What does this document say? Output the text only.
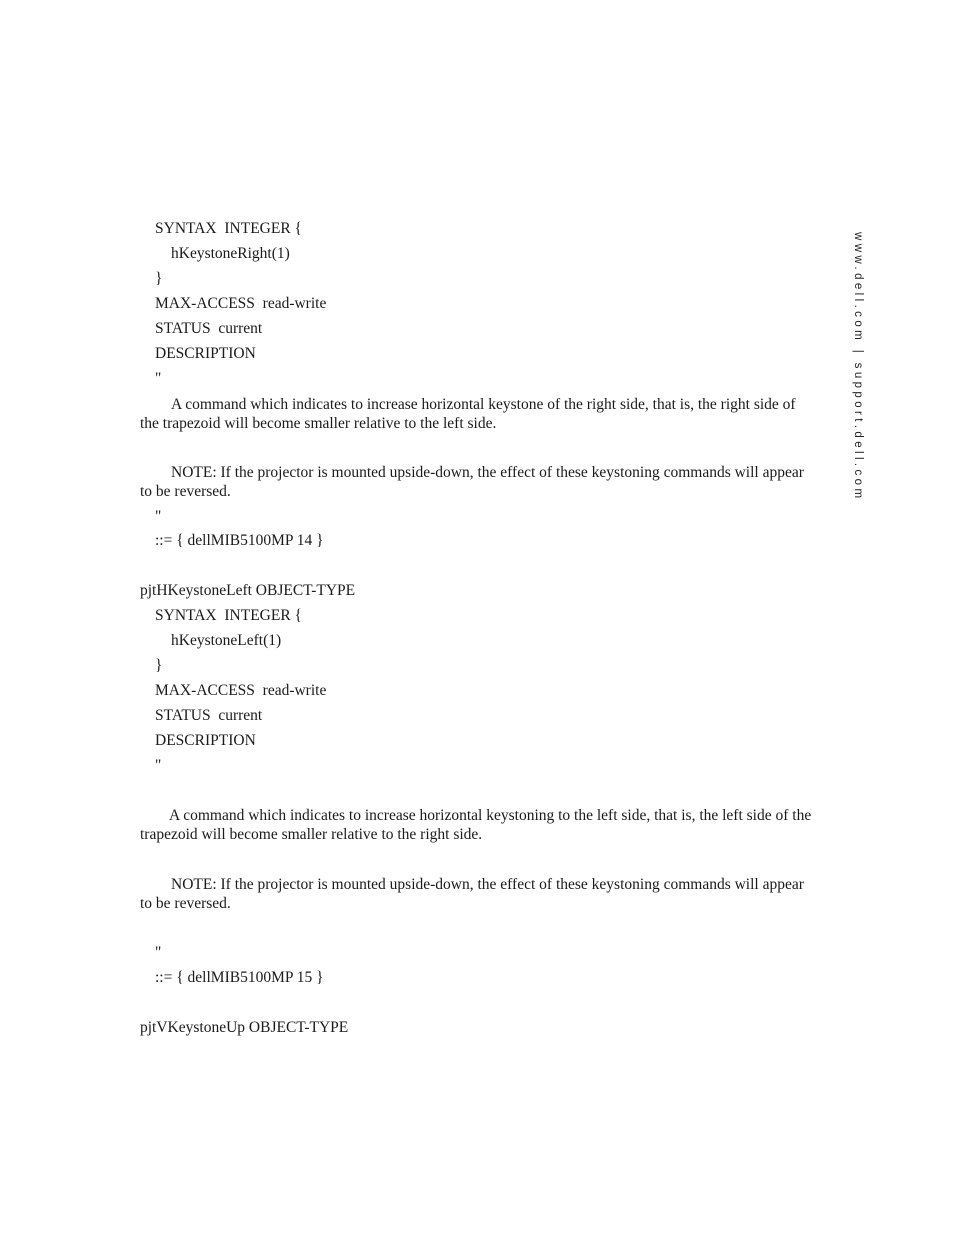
www.dell.com | support.dell.com
SYNTAX  INTEGER {
hKeystoneRight(1)
}
MAX-ACCESS  read-write
STATUS  current
DESCRIPTION
"
A command which indicates to increase horizontal keystone of the right side, that is, the right side of the trapezoid will become smaller relative to the left side.
NOTE: If the projector is mounted upside-down, the effect of these keystoning commands will appear to be reversed.
"
::= { dellMIB5100MP 14 }
pjtHKeystoneLeft OBJECT-TYPE
SYNTAX  INTEGER {
hKeystoneLeft(1)
}
MAX-ACCESS  read-write
STATUS  current
DESCRIPTION
"
A command which indicates to increase horizontal keystoning to the left side, that is, the left side of the trapezoid will become smaller relative to the right side.
NOTE: If the projector is mounted upside-down, the effect of these keystoning commands will appear to be reversed.
"
::= { dellMIB5100MP 15 }
pjtVKeystoneUp OBJECT-TYPE
